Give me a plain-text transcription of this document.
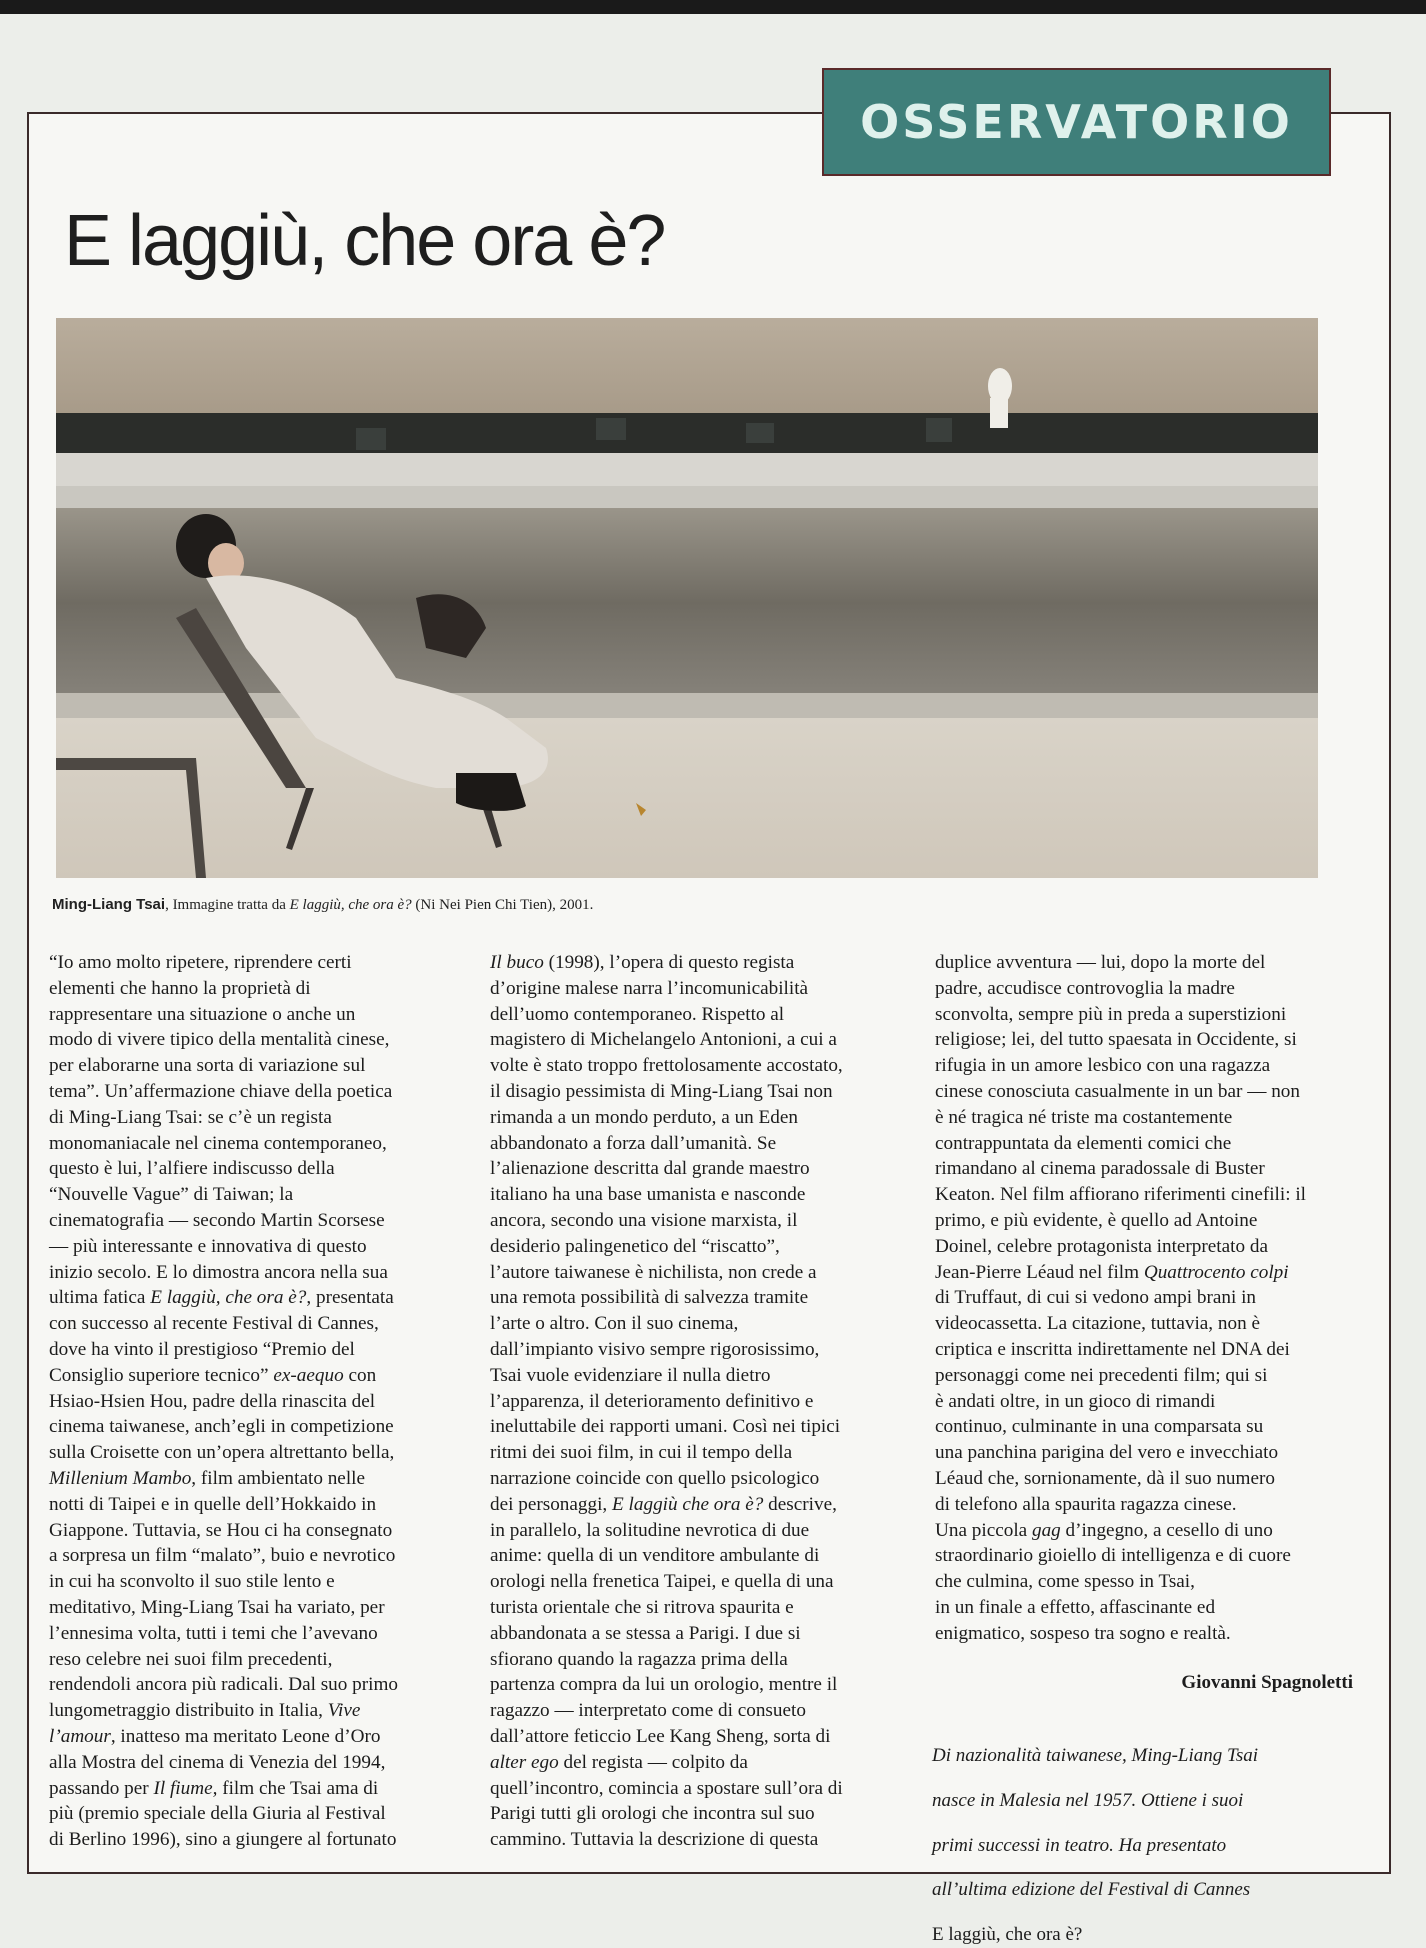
OSSERVATORIO
E laggiù, che ora è?
Ming-Liang Tsai, Immagine tratta da E laggiù, che ora è? (Ni Nei Pien Chi Tien), 2001.

“Io amo molto ripetere, riprendere certi

elementi che hanno la proprietà di

rappresentare una situazione o anche un

modo di vivere tipico della mentalità cinese,

per elaborarne una sorta di variazione sul

tema”. Un’affermazione chiave della poetica

di Ming-Liang Tsai: se c’è un regista

monomaniacale nel cinema contemporaneo,

questo è lui, l’alfiere indiscusso della

“Nouvelle Vague” di Taiwan; la

cinematografia — secondo Martin Scorsese

— più interessante e innovativa di questo

inizio secolo. E lo dimostra ancora nella sua

ultima fatica E laggiù, che ora è?, presentata

con successo al recente Festival di Cannes,

dove ha vinto il prestigioso “Premio del

Consiglio superiore tecnico” ex-aequo con

Hsiao-Hsien Hou, padre della rinascita del

cinema taiwanese, anch’egli in competizione

sulla Croisette con un’opera altrettanto bella,

Millenium Mambo, film ambientato nelle

notti di Taipei e in quelle dell’Hokkaido in

Giappone. Tuttavia, se Hou ci ha consegnato

a sorpresa un film “malato”, buio e nevrotico

in cui ha sconvolto il suo stile lento e

meditativo, Ming-Liang Tsai ha variato, per

l’ennesima volta, tutti i temi che l’avevano

reso celebre nei suoi film precedenti,

rendendoli ancora più radicali. Dal suo primo

lungometraggio distribuito in Italia, Vive

l’amour, inatteso ma meritato Leone d’Oro

alla Mostra del cinema di Venezia del 1994,

passando per Il fiume, film che Tsai ama di

più (premio speciale della Giuria al Festival

di Berlino 1996), sino a giungere al fortunato

Il buco (1998), l’opera di questo regista

d’origine malese narra l’incomunicabilità

dell’uomo contemporaneo. Rispetto al

magistero di Michelangelo Antonioni, a cui a

volte è stato troppo frettolosamente accostato,

il disagio pessimista di Ming-Liang Tsai non

rimanda a un mondo perduto, a un Eden

abbandonato a forza dall’umanità. Se

l’alienazione descritta dal grande maestro

italiano ha una base umanista e nasconde

ancora, secondo una visione marxista, il

desiderio palingenetico del “riscatto”,

l’autore taiwanese è nichilista, non crede a

una remota possibilità di salvezza tramite

l’arte o altro. Con il suo cinema,

dall’impianto visivo sempre rigorosissimo,

Tsai vuole evidenziare il nulla dietro

l’apparenza, il deterioramento definitivo e

ineluttabile dei rapporti umani. Così nei tipici

ritmi dei suoi film, in cui il tempo della

narrazione coincide con quello psicologico

dei personaggi, E laggiù che ora è? descrive,

in parallelo, la solitudine nevrotica di due

anime: quella di un venditore ambulante di

orologi nella frenetica Taipei, e quella di una

turista orientale che si ritrova spaurita e

abbandonata a se stessa a Parigi. I due si

sfiorano quando la ragazza prima della

partenza compra da lui un orologio, mentre il

ragazzo — interpretato come di consueto

dall’attore feticcio Lee Kang Sheng, sorta di

alter ego del regista — colpito da

quell’incontro, comincia a spostare sull’ora di

Parigi tutti gli orologi che incontra sul suo

cammino. Tuttavia la descrizione di questa

duplice avventura — lui, dopo la morte del

padre, accudisce controvoglia la madre

sconvolta, sempre più in preda a superstizioni

religiose; lei, del tutto spaesata in Occidente, si

rifugia in un amore lesbico con una ragazza

cinese conosciuta casualmente in un bar — non

è né tragica né triste ma costantemente

contrappuntata da elementi comici che

rimandano al cinema paradossale di Buster

Keaton. Nel film affiorano riferimenti cinefili: il

primo, e più evidente, è quello ad Antoine

Doinel, celebre protagonista interpretato da

Jean-Pierre Léaud nel film Quattrocento colpi

di Truffaut, di cui si vedono ampi brani in

videocassetta. La citazione, tuttavia, non è

criptica e inscritta indirettamente nel DNA dei

personaggi come nei precedenti film; qui si

è andati oltre, in un gioco di rimandi

continuo, culminante in una comparsata su

una panchina parigina del vero e invecchiato

Léaud che, sornionamente, dà il suo numero

di telefono alla spaurita ragazza cinese.

Una piccola gag d’ingegno, a cesello di uno

straordinario gioiello di intelligenza e di cuore

che culmina, come spesso in Tsai,

in un finale a effetto, affascinante ed

enigmatico, sospeso tra sogno e realtà.

Giovanni Spagnoletti

Di nazionalità taiwanese, Ming-Liang Tsai

nasce in Malesia nel 1957. Ottiene i suoi

primi successi in teatro. Ha presentato

all’ultima edizione del Festival di Cannes

E laggiù, che ora è?
